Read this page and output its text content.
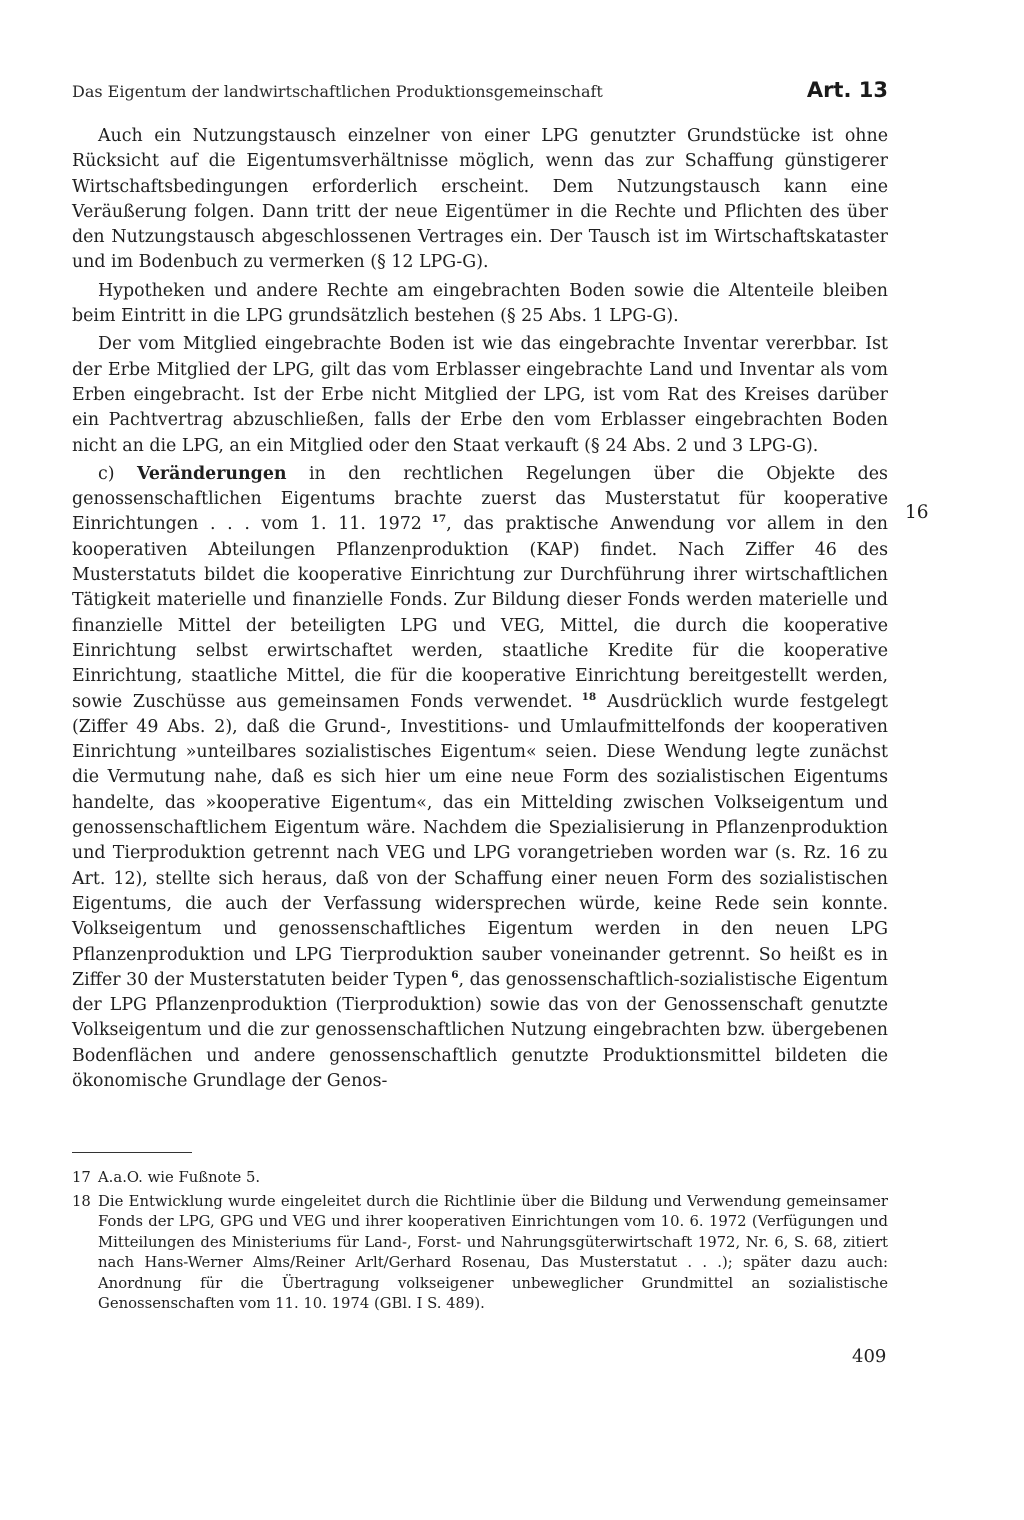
Das Eigentum der landwirtschaftlichen Produktionsgemeinschaft	Art. 13

Auch ein Nutzungstausch einzelner von einer LPG genutzter Grundstücke ist ohne Rücksicht auf die Eigentumsverhältnisse möglich, wenn das zur Schaffung günstigerer Wirtschaftsbedingungen erforderlich erscheint. Dem Nutzungstausch kann eine Veräußerung folgen. Dann tritt der neue Eigentümer in die Rechte und Pflichten des über den Nutzungstausch abgeschlossenen Vertrages ein. Der Tausch ist im Wirtschaftskataster und im Bodenbuch zu vermerken (§ 12 LPG-G).

Hypotheken und andere Rechte am eingebrachten Boden sowie die Altenteile bleiben beim Eintritt in die LPG grundsätzlich bestehen (§ 25 Abs. 1 LPG-G).

Der vom Mitglied eingebrachte Boden ist wie das eingebrachte Inventar vererbbar. Ist der Erbe Mitglied der LPG, gilt das vom Erblasser eingebrachte Land und Inventar als vom Erben eingebracht. Ist der Erbe nicht Mitglied der LPG, ist vom Rat des Kreises darüber ein Pachtvertrag abzuschließen, falls der Erbe den vom Erblasser eingebrachten Boden nicht an die LPG, an ein Mitglied oder den Staat verkauft (§ 24 Abs. 2 und 3 LPG-G).

c) Veränderungen in den rechtlichen Regelungen über die Objekte des genossenschaftlichen Eigentums brachte zuerst das Musterstatut für kooperative Einrichtungen . . . vom 1. 11. 1972 $^{17}$, das praktische Anwendung vor allem in den kooperativen Abteilungen Pflanzenproduktion (KAP) findet. Nach Ziffer 46 des Musterstatuts bildet die kooperative Einrichtung zur Durchführung ihrer wirtschaftlichen Tätigkeit materielle und finanzielle Fonds. Zur Bildung dieser Fonds werden materielle und finanzielle Mittel der beteiligten LPG und VEG, Mittel, die durch die kooperative Einrichtung selbst erwirtschaftet werden, staatliche Kredite für die kooperative Einrichtung, staatliche Mittel, die für die kooperative Einrichtung bereitgestellt werden, sowie Zuschüsse aus gemeinsamen Fonds verwendet. $^{18}$ Ausdrücklich wurde festgelegt (Ziffer 49 Abs. 2), daß die Grund-, Investitions- und Umlaufmittelfonds der kooperativen Einrichtung »unteilbares sozialistisches Eigentum« seien. Diese Wendung legte zunächst die Vermutung nahe, daß es sich hier um eine neue Form des sozialistischen Eigentums handelte, das »kooperative Eigentum«, das ein Mittelding zwischen Volkseigentum und genossenschaftlichem Eigentum wäre. Nachdem die Spezialisierung in Pflanzenproduktion und Tierproduktion getrennt nach VEG und LPG vorangetrieben worden war (s. Rz. 16 zu Art. 12), stellte sich heraus, daß von der Schaffung einer neuen Form des sozialistischen Eigentums, die auch der Verfassung widersprechen würde, keine Rede sein konnte. Volkseigentum und genossenschaftliches Eigentum werden in den neuen LPG Pflanzenproduktion und LPG Tierproduktion sauber voneinander getrennt. So heißt es in Ziffer 30 der Musterstatuten beider Typen $^6$, das genossenschaftlich-sozialistische Eigentum der LPG Pflanzenproduktion (Tierproduktion) sowie das von der Genossenschaft genutzte Volkseigentum und die zur genossenschaftlichen Nutzung eingebrachten bzw. übergebenen Bodenflächen und andere genossenschaftlich genutzte Produktionsmittel bildeten die ökonomische Grundlage der Genos-

16
17 A.a.O. wie Fußnote 5.
18 Die Entwicklung wurde eingeleitet durch die Richtlinie über die Bildung und Verwendung gemeinsamer Fonds der LPG, GPG und VEG und ihrer kooperativen Einrichtungen vom 10. 6. 1972 (Verfügungen und Mitteilungen des Ministeriums für Land-, Forst- und Nahrungsgüterwirtschaft 1972, Nr. 6, S. 68, zitiert nach Hans-Werner Alms/Reiner Arlt/Gerhard Rosenau, Das Musterstatut . . .); später dazu auch: Anordnung für die Übertragung volkseigener unbeweglicher Grundmittel an sozialistische Genossenschaften vom 11. 10. 1974 (GBl. I S. 489).
409
